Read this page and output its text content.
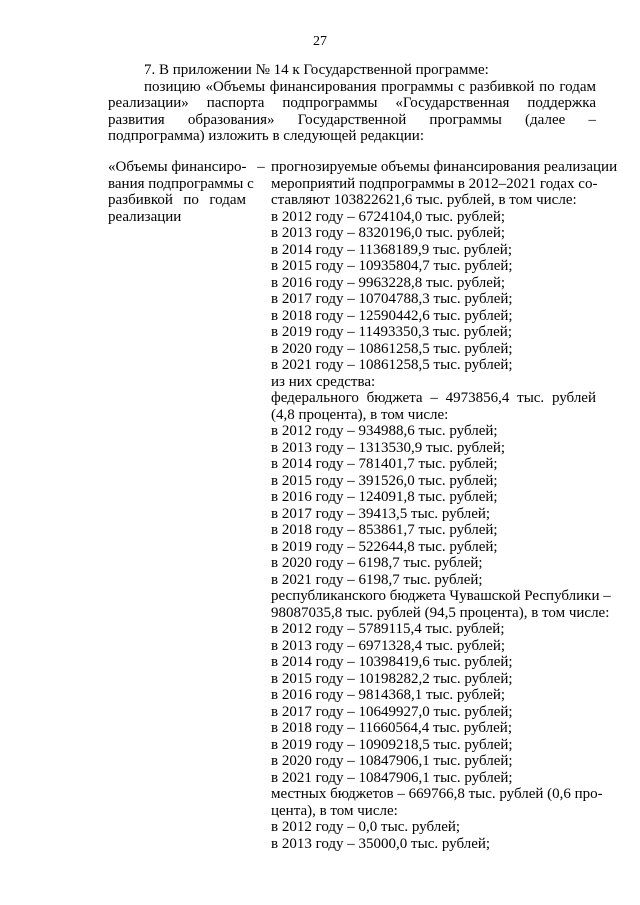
27

7. В приложении № 14 к Государственной программе:

позицию «Объемы финансирования программы с разбивкой по годам реализации» паспорта подпрограммы «Государственная поддержка развития образования» Государственной программы (далее – подпрограмма) изложить в следующей редакции:

«Объемы финансиро-
вания подпрограммы с
разбивкой по годам
реализации
– прогнозируемые объемы финансирования реализации
мероприятий подпрограммы в 2012–2021 годах со-
ставляют 103822621,6 тыс. рублей, в том числе:
в 2012 году – 6724104,0 тыс. рублей;
в 2013 году – 8320196,0 тыс. рублей;
в 2014 году – 11368189,9 тыс. рублей;
в 2015 году – 10935804,7 тыс. рублей;
в 2016 году – 9963228,8 тыс. рублей;
в 2017 году – 10704788,3 тыс. рублей;
в 2018 году – 12590442,6 тыс. рублей;
в 2019 году – 11493350,3 тыс. рублей;
в 2020 году – 10861258,5 тыс. рублей;
в 2021 году – 10861258,5 тыс. рублей;
из них средства:
федерального бюджета – 4973856,4 тыс. рублей
(4,8 процента), в том числе:
в 2012 году – 934988,6 тыс. рублей;
в 2013 году – 1313530,9 тыс. рублей;
в 2014 году – 781401,7 тыс. рублей;
в 2015 году – 391526,0 тыс. рублей;
в 2016 году – 124091,8 тыс. рублей;
в 2017 году – 39413,5 тыс. рублей;
в 2018 году – 853861,7 тыс. рублей;
в 2019 году – 522644,8 тыс. рублей;
в 2020 году – 6198,7 тыс. рублей;
в 2021 году – 6198,7 тыс. рублей;
республиканского бюджета Чувашской Республики –
98087035,8 тыс. рублей (94,5 процента), в том числе:
в 2012 году – 5789115,4 тыс. рублей;
в 2013 году – 6971328,4 тыс. рублей;
в 2014 году – 10398419,6 тыс. рублей;
в 2015 году – 10198282,2 тыс. рублей;
в 2016 году – 9814368,1 тыс. рублей;
в 2017 году – 10649927,0 тыс. рублей;
в 2018 году – 11660564,4 тыс. рублей;
в 2019 году – 10909218,5 тыс. рублей;
в 2020 году – 10847906,1 тыс. рублей;
в 2021 году – 10847906,1 тыс. рублей;
местных бюджетов – 669766,8 тыс. рублей (0,6 про-
цента), в том числе:
в 2012 году – 0,0 тыс. рублей;
в 2013 году – 35000,0 тыс. рублей;
